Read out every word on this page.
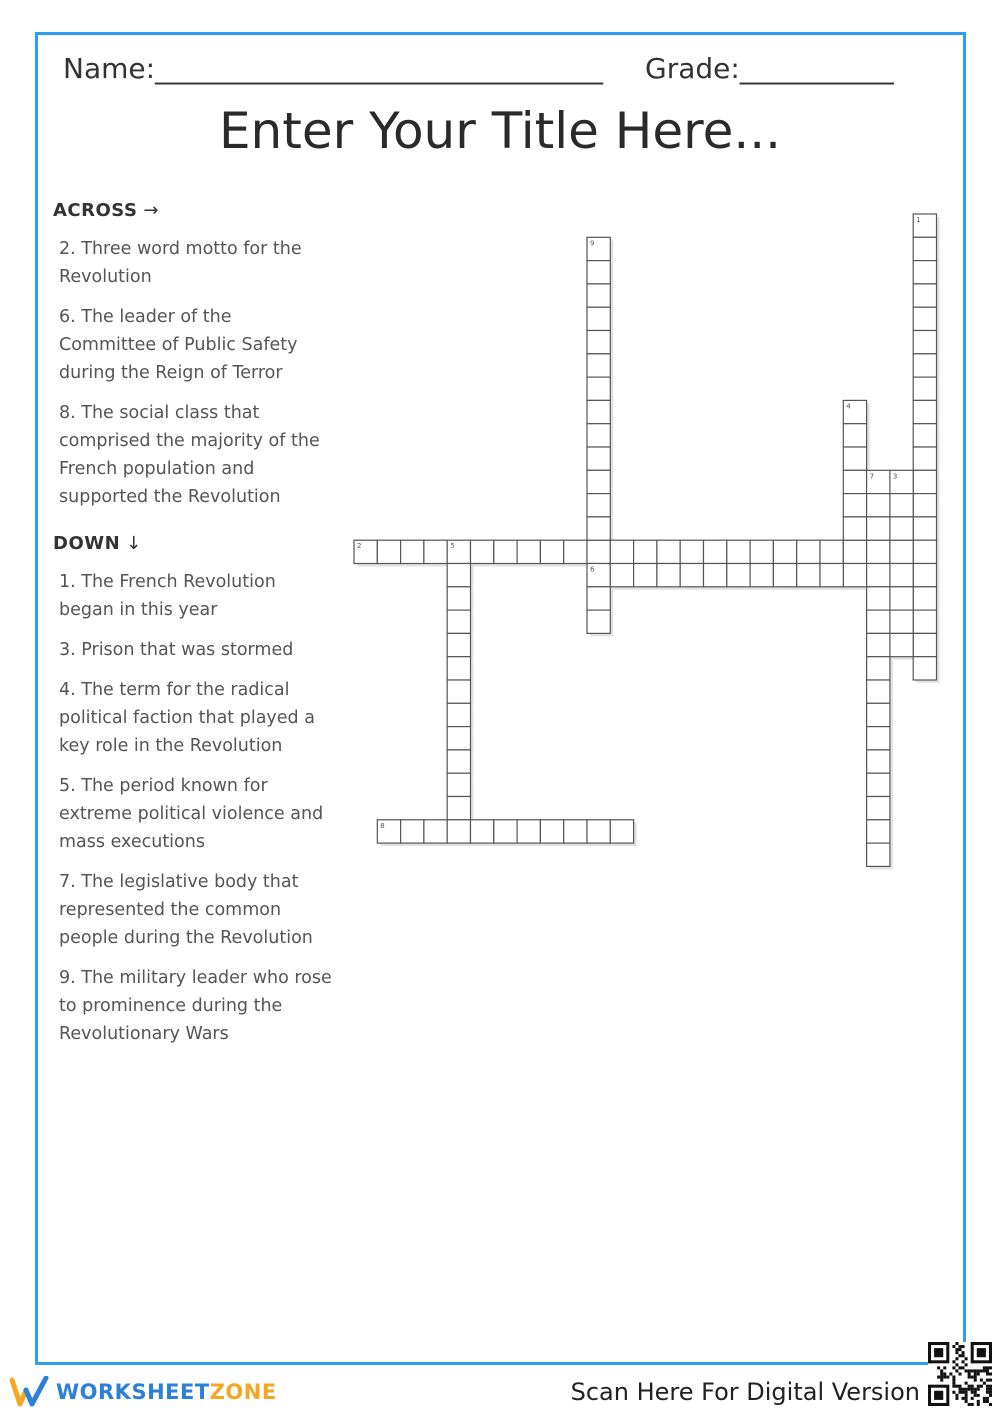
Name:________________________________ Grade:___________
Enter Your Title Here...
ACROSS →
2. Three word motto for the Revolution
6. The leader of the Committee of Public Safety during the Reign of Terror
8. The social class that comprised the majority of the French population and supported the Revolution
DOWN ↓
1. The French Revolution began in this year
3. Prison that was stormed
4. The term for the radical political faction that played a key role in the Revolution
5. The period known for extreme political violence and mass executions
7. The legislative body that represented the common people during the Revolution
9. The military leader who rose to prominence during the Revolutionary Wars
1
2	5
3
4
6
7
8
9
WORKSHEETZONE	Scan Here For Digital Version
